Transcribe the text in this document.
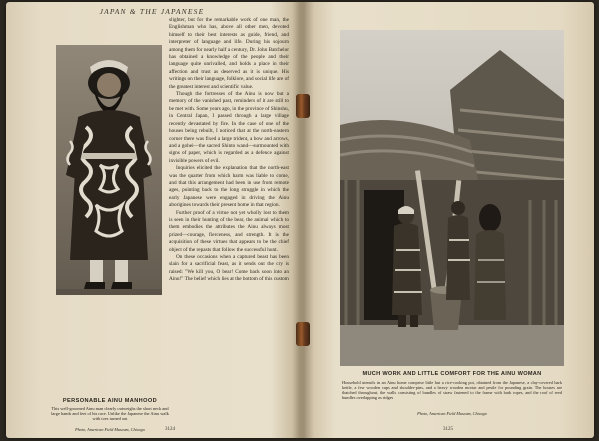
JAPAN & THE JAPANESE
PERSONABLE AINU MANHOOD
This well-groomed Ainu man clearly outweighs the short neck and large hands and feet of his race. Unlike the Japanese the Ainu walk with toes turned out
Photo, American Field Museum, Chicago

slighter, but for the remarkable work of one man, the Englishman who has, above all other men, devoted himself to their best interests as guide, friend, and interpreter of language and life. During his sojourn among them for nearly half a century, Dr. John Batchelor has obtained a knowledge of the people and their language quite unrivalled, and holds a place in their affection and trust as deserved as it is unique. His writings on their language, folklore, and social life are of the greatest interest and scientific value.

Though the fortresses of the Ainu is now but a memory of the vanished past, reminders of it are still to be met with. Some years ago, in the province of Shinshu, in Central Japan, I passed through a large village recently devastated by fire. In the case of one of the houses being rebuilt, I noticed that at the north-eastern corner there was fixed a large trident, a bow and arrows, and a gohei—the sacred Shinto wand—surmounted with signs of paper, which is regarded as a defence against invisible powers of evil.

Inquiries elicited the explanation that the north-east was the quarter from which harm was liable to come, and that this arrangement had been in use from remote ages, pointing back to the long struggle in which the early Japanese were engaged in driving the Ainu aborigines towards their present home in that region.

Further proof of a virtue not yet wholly lost to them is seen in their hunting of the bear, the animal which to them embodies the attributes the Ainu always most prized—courage, fierceness, and strength. It is the acquisition of these virtues that appears to be the chief object of the repasts that follow the successful hunt.

On these occasions when a captured beast has been slain for a sacrificial feast, as it sends out the cry is raised: "We kill you, O bear! Come back soon into an Ainu!" The belief which lies at the bottom of this custom

3124
MUCH WORK AND LITTLE COMFORT FOR THE AINU WOMAN
Household utensils in an Ainu home comprise little but a rice-cooking pot, obtained from the Japanese, a clay-covered bark kettle, a few wooden cups and shoulder-pins, and a heavy wooden mortar and pestle for pounding grain. The houses are thatched throughout, the walls consisting of bundles of straw fastened to the frame with bark ropes, and the roof of reed bundles overlapping as ridges
Photo, American Field Museum, Chicago
3125
